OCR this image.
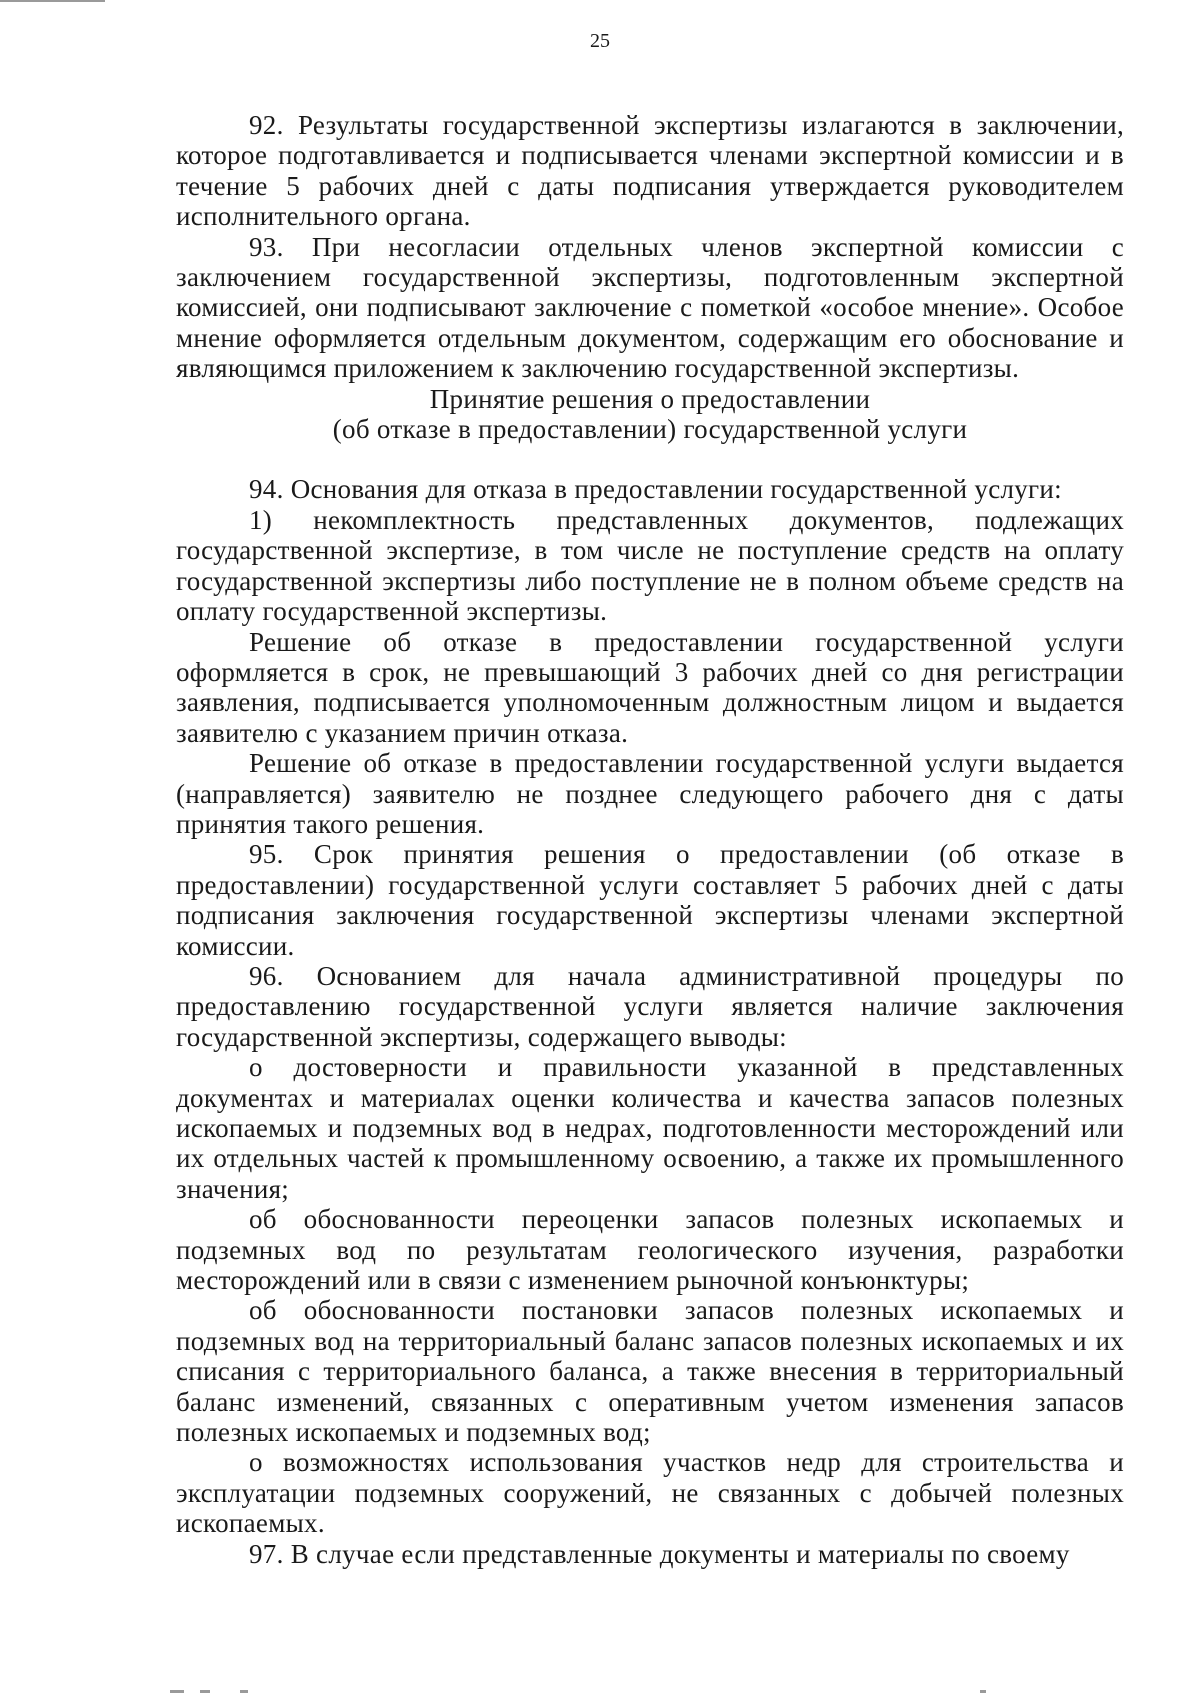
25

92. Результаты государственной экспертизы излагаются в заключении, которое подготавливается и подписывается членами экспертной комиссии и в течение 5 рабочих дней с даты подписания утверждается руководителем исполнительного органа.

93. При несогласии отдельных членов экспертной комиссии с заключением государственной экспертизы, подготовленным экспертной комиссией, они подписывают заключение с пометкой «особое мнение». Особое мнение оформляется отдельным документом, содержащим его обоснование и являющимся приложением к заключению государственной экспертизы.

Принятие решения о предоставлении

(об отказе в предоставлении) государственной услуги

94. Основания для отказа в предоставлении государственной услуги:

1) некомплектность представленных документов, подлежащих государственной экспертизе, в том числе не поступление средств на оплату государственной экспертизы либо поступление не в полном объеме средств на оплату государственной экспертизы.

Решение об отказе в предоставлении государственной услуги оформляется в срок, не превышающий 3 рабочих дней со дня регистрации заявления, подписывается уполномоченным должностным лицом и выдается заявителю с указанием причин отказа.

Решение об отказе в предоставлении государственной услуги выдается (направляется) заявителю не позднее следующего рабочего дня с даты принятия такого решения.

95. Срок принятия решения о предоставлении (об отказе в предоставлении) государственной услуги составляет 5 рабочих дней с даты подписания заключения государственной экспертизы членами экспертной комиссии.

96. Основанием для начала административной процедуры по предоставлению государственной услуги является наличие заключения государственной экспертизы, содержащего выводы:

о достоверности и правильности указанной в представленных документах и материалах оценки количества и качества запасов полезных ископаемых и подземных вод в недрах, подготовленности месторождений или их отдельных частей к промышленному освоению, а также их промышленного значения;

об обоснованности переоценки запасов полезных ископаемых и подземных вод по результатам геологического изучения, разработки месторождений или в связи с изменением рыночной конъюнктуры;

об обоснованности постановки запасов полезных ископаемых и подземных вод на территориальный баланс запасов полезных ископаемых и их списания с территориального баланса, а также внесения в территориальный баланс изменений, связанных с оперативным учетом изменения запасов полезных ископаемых и подземных вод;

о возможностях использования участков недр для строительства и эксплуатации подземных сооружений, не связанных с добычей полезных ископаемых.

97. В случае если представленные документы и материалы по своему
